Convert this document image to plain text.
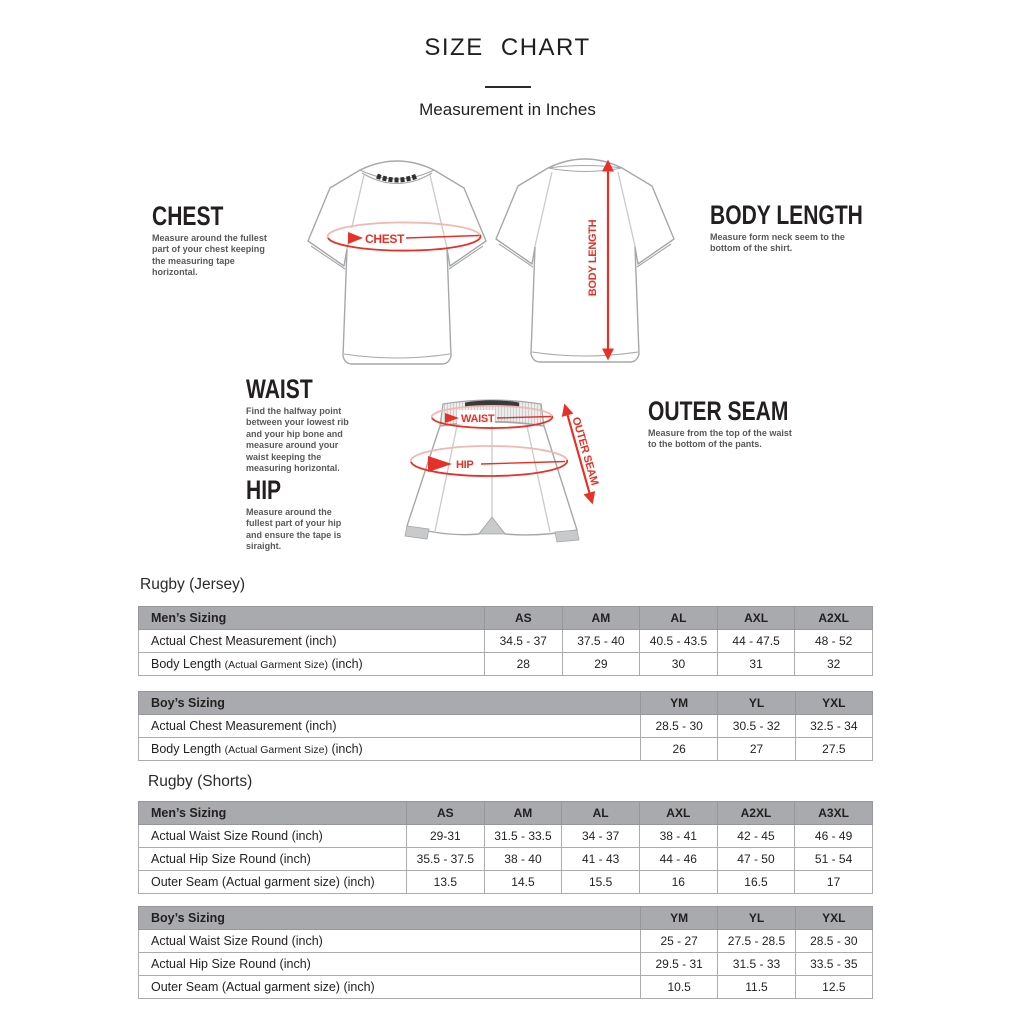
SIZE CHART
Measurement in Inches
CHEST

Measure around the fullest part of your chest keeping the measuring tape horizontal.

BODY LENGTH

Measure form neck seem to the bottom of the shirt.

WAIST

Find the halfway point between your lowest rib and your hip bone and measure around your waist keeping the measuring horizontal.

HIP

Measure around the fullest part of your hip and ensure the tape is siraight.

OUTER SEAM

Measure from the top of the waist to the bottom of the pants.

CHEST	BODY LENGTH
WAIST
HIP	OUTER SEAM
Rugby (Jersey)
Men’s Sizing	AS	AM	AL	AXL	A2XL
Actual Chest Measurement (inch)	34.5 - 37	37.5 - 40	40.5 - 43.5	44 - 47.5	48 - 52
Body Length (Actual Garment Size) (inch)	28	29	30	31	32
Boy’s Sizing	YM	YL	YXL
Actual Chest Measurement (inch)	28.5 - 30	30.5 - 32	32.5 - 34
Body Length (Actual Garment Size) (inch)	26	27	27.5
Rugby (Shorts)
Men’s Sizing	AS	AM	AL	AXL	A2XL	A3XL
Actual Waist Size Round (inch)	29-31	31.5 - 33.5	34 - 37	38 - 41	42 - 45	46 - 49
Actual Hip Size Round (inch)	35.5 - 37.5	38 - 40	41 - 43	44 - 46	47 - 50	51 - 54
Outer Seam (Actual garment size) (inch)	13.5	14.5	15.5	16	16.5	17
Boy’s Sizing	YM	YL	YXL
Actual Waist Size Round (inch)	25 - 27	27.5 - 28.5	28.5 - 30
Actual Hip Size Round (inch)	29.5 - 31	31.5 - 33	33.5 - 35
Outer Seam (Actual garment size) (inch)	10.5	11.5	12.5
